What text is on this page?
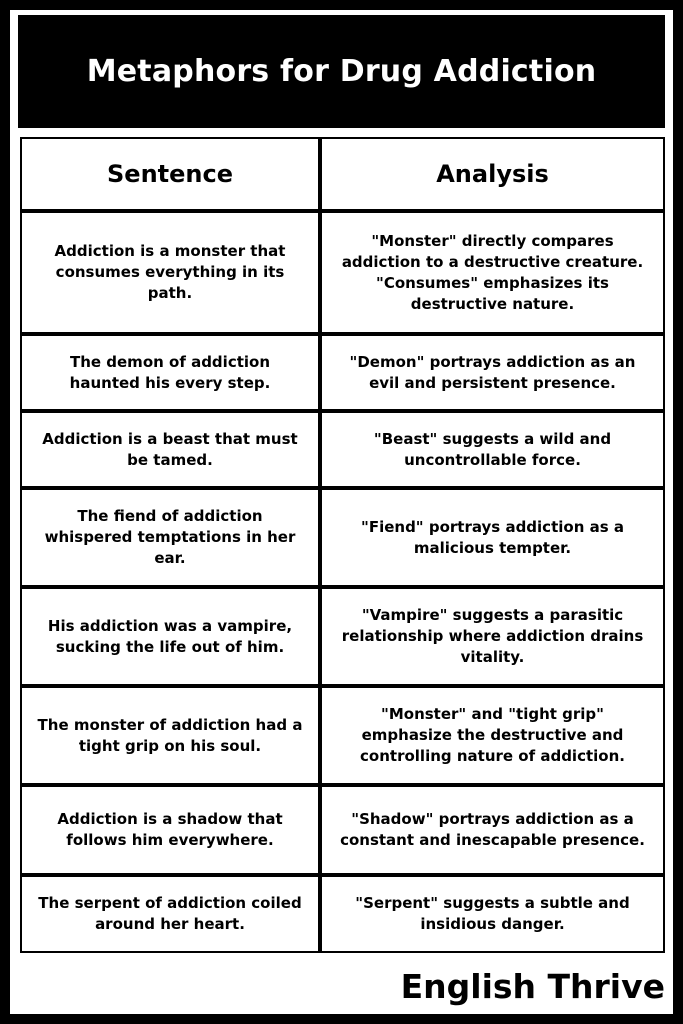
Metaphors for Drug Addiction
Sentence	Analysis
Addiction is a monster that consumes everything in its path.	"Monster" directly compares addiction to a destructive creature. "Consumes" emphasizes its destructive nature.
The demon of addiction haunted his every step.	"Demon" portrays addiction as an evil and persistent presence.
Addiction is a beast that must be tamed.	"Beast" suggests a wild and uncontrollable force.
The fiend of addiction whispered temptations in her ear.	"Fiend" portrays addiction as a malicious tempter.
His addiction was a vampire, sucking the life out of him.	"Vampire" suggests a parasitic relationship where addiction drains vitality.
The monster of addiction had a tight grip on his soul.	"Monster" and "tight grip" emphasize the destructive and controlling nature of addiction.
Addiction is a shadow that follows him everywhere.	"Shadow" portrays addiction as a constant and inescapable presence.
The serpent of addiction coiled around her heart.	"Serpent" suggests a subtle and insidious danger.
English Thrive
